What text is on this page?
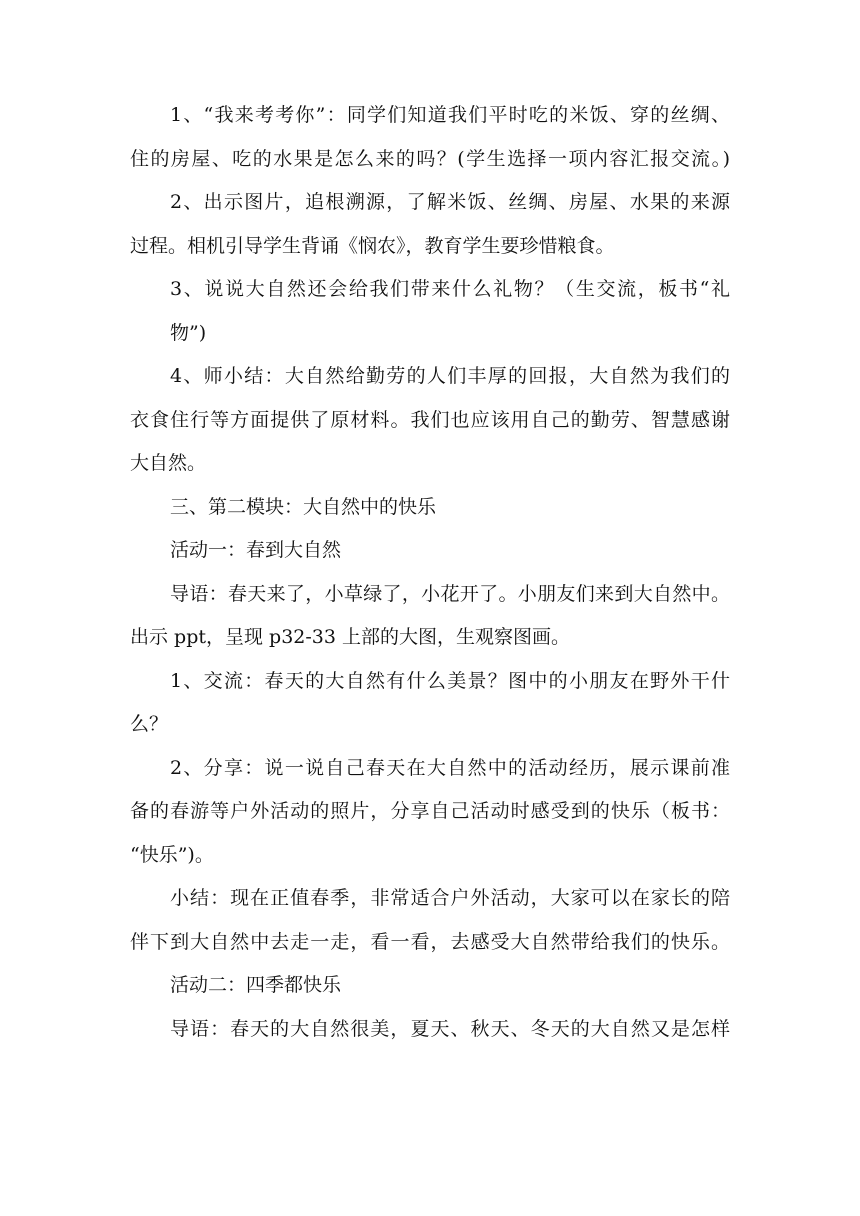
1、“我来考考你”：同学们知道我们平时吃的米饭、穿的丝绸、
住的房屋、吃的水果是怎么来的吗？(学生选择一项内容汇报交流。)
2、出示图片，追根溯源，了解米饭、丝绸、房屋、水果的来源
过程。相机引导学生背诵《悯农》，教育学生要珍惜粮食。
3、说说大自然还会给我们带来什么礼物？（生交流，板书“礼
物”)
4、师小结：大自然给勤劳的人们丰厚的回报，大自然为我们的
衣食住行等方面提供了原材料。我们也应该用自己的勤劳、智慧感谢
大自然。
三、第二模块：大自然中的快乐
活动一：春到大自然
导语：春天来了，小草绿了，小花开了。小朋友们来到大自然中。
出示 ppt，呈现 p32-33 上部的大图，生观察图画。
1、交流：春天的大自然有什么美景？图中的小朋友在野外干什
么？
2、分享：说一说自己春天在大自然中的活动经历，展示课前准
备的春游等户外活动的照片，分享自己活动时感受到的快乐（板书：
“快乐”)。
小结：现在正值春季，非常适合户外活动，大家可以在家长的陪
伴下到大自然中去走一走，看一看，去感受大自然带给我们的快乐。
活动二：四季都快乐
导语：春天的大自然很美，夏天、秋天、冬天的大自然又是怎样
